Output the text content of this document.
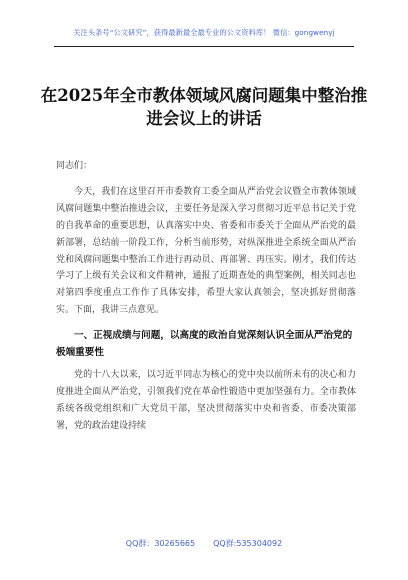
关注头条号“公文研究”，获得最新最全最专业的公文资料库！ 微信：gongwenyj
在2025年全市教体领域风腐问题集中整治推进会议上的讲话

同志们：

今天，我们在这里召开市委教育工委全面从严治党会议暨全市教体领域风腐问题集中整治推进会议，主要任务是深入学习贯彻习近平总书记关于党的自我革命的重要思想，认真落实中央、省委和市委关于全面从严治党的最新部署，总结前一阶段工作，分析当前形势，对纵深推进全系统全面从严治党和风腐问题集中整治工作进行再动员、再部署、再压实。刚才，我们传达学习了上级有关会议和文件精神，通报了近期查处的典型案例，相关同志也对第四季度重点工作作了具体安排，希望大家认真领会，坚决抓好贯彻落实。下面，我讲三点意见。

一、正视成绩与问题，以高度的政治自觉深刻认识全面从严治党的极端重要性

党的十八大以来，以习近平同志为核心的党中央以前所未有的决心和力度推进全面从严治党，引领我们党在革命性锻造中更加坚强有力。全市教体系统各级党组织和广大党员干部，坚决贯彻落实中央和省委、市委决策部署，党的政治建设持续

QQ群：30265665 QQ群:535304092
